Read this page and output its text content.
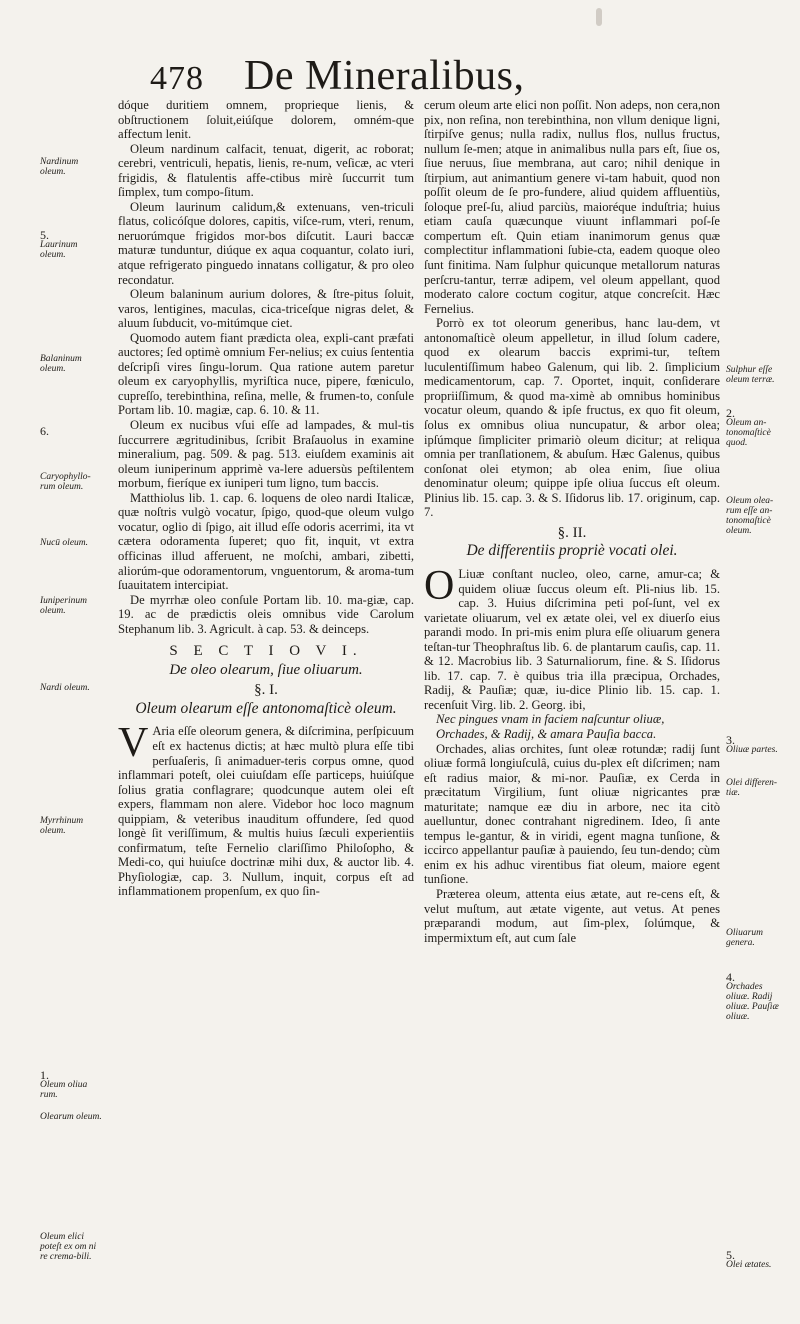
478 De Mineralibus,

dóque duritiem omnem, proprieque lienis, & obſtructionem ſoluit,eiúſque dolorem, omném-que affectum lenit.

Oleum nardinum calfacit, tenuat, digerit, ac roborat; cerebri, ventriculi, hepatis, lienis, re-num, veſicæ, ac vteri frigidis, & flatulentis affe-ctibus mirè ſuccurrit tum ſimplex, tum compo-ſitum.

Oleum laurinum calidum,& extenuans, ven-triculi flatus, colicóſque dolores, capitis, viſce-rum, vteri, renum, neruorúmque frigidos mor-bos diſcutit. Lauri baccæ maturæ tunduntur, diúque ex aqua coquantur, colato iuri, atque refrigerato pinguedo innatans colligatur, & pro oleo recondatur.

Oleum balaninum aurium dolores, & ſtre-pitus ſoluit, varos, lentigines, maculas, cica-triceſque nigras delet, & aluum ſubducit, vo-mitúmque ciet.

Quomodo autem fiant prædicta olea, expli-cant præfati auctores; ſed optimè omnium Fer-nelius; ex cuius ſententia deſcripſi vires ſingu-lorum. Qua ratione autem paretur oleum ex caryophyllis, myriſtica nuce, pipere, fœniculo, cupreſſo, terebinthina, reſina, melle, & frumen-to, conſule Portam lib. 10. magiæ, cap. 6. 10. & 11.

Oleum ex nucibus vſui eſſe ad lampades, & mul-tis ſuccurrere ægritudinibus, ſcribit Braſauolus in examine mineralium, pag. 509. & pag. 513. eiuſdem examinis ait oleum iuniperinum apprimè va-lere aduersùs peſtilentem morbum, fieríque ex iuniperi tum ligno, tum baccis.

Matthiolus lib. 1. cap. 6. loquens de oleo nardi Italicæ, quæ noſtris vulgò vocatur, ſpigo, quod-que oleum vulgo vocatur, oglio di ſpigo, ait illud eſſe odoris acerrimi, ita vt cætera odoramenta ſuperet; quo fit, inquit, vt extra officinas illud afferuent, ne moſchi, ambari, zibetti, aliorúm-que odoramentorum, vnguentorum, & aroma-tum ſuauitatem intercipiat.

De myrrhæ oleo conſule Portam lib. 10. ma-giæ, cap. 19. ac de prædictis oleis omnibus vide Carolum Stephanum lib. 3. Agricult. à cap. 53. & deinceps.

S E C T I O V I.
De oleo olearum, ſiue oliuarum.
§. I.
Oleum olearum eſſe antonomaſticè oleum.

V Aria eſſe oleorum genera, & diſcrimina, perſpicuum eſt ex hactenus dictis; at hæc multò plura eſſe tibi perſuaſeris, ſi animaduer-teris corpus omne, quod inflammari poteſt, olei cuiuſdam eſſe particeps, huiúſque ſolius gratia conflagrare; quodcunque autem olei eſt expers, flammam non alere. Videbor hoc loco magnum quippiam, & veteribus inauditum offundere, ſed quod longè ſit veriſſimum, & multis huius ſæculi experientiis confirmatum, teſte Fernelio clariſſimo Philoſopho, & Medi-co, qui huiuſce doctrinæ mihi dux, & auctor lib. 4. Phyſiologiæ, cap. 3. Nullum, inquit, corpus eſt ad inflammationem propenſum, ex quo ſin-

cerum oleum arte elici non poſſit. Non adeps, non cera,non pix, non reſina, non terebinthina, non vllum denique ligni, ſtirpiſve genus; nulla radix, nullus flos, nullus fructus, nullum ſe-men; atque in animalibus nulla pars eſt, ſiue os, ſiue neruus, ſiue membrana, aut caro; nihil denique in ſtirpium, aut animantium genere vi-tam habuit, quod non poſſit oleum de ſe pro-fundere, aliud quidem affluentiùs, ſoloque preſ-ſu, aliud parciùs, maioréque induſtria; huius etiam cauſa quæcunque viuunt inflammari poſ-ſe compertum eſt. Quin etiam inanimorum genus quæ complectitur inflammationi ſubie-cta, eadem quoque oleo ſunt finitima. Nam ſulphur quicunque metallorum naturas perſcru-tantur, terræ adipem, vel oleum appellant, quod moderato calore coctum cogitur, atque concreſcit. Hæc Fernelius.

Porrò ex tot oleorum generibus, hanc lau-dem, vt antonomaſticè oleum appelletur, in illud ſolum cadere, quod ex olearum baccis exprimi-tur, teſtem luculentiſſimum habeo Galenum, qui lib. 2. ſimplicium medicamentorum, cap. 7. Oportet, inquit, conſiderare propriiſſimum, & quod ma-ximè ab omnibus hominibus vocatur oleum, quando & ipſe fructus, ex quo fit oleum, ſolus ex omnibus oliua nuncupatur, & arbor olea; ipſúmque ſimpliciter primariò oleum dicitur; at reliqua omnia per tranſlationem, & abuſum. Hæc Galenus, quibus conſonat olei etymon; ab olea enim, ſiue oliua denominatur oleum; quippe ipſe oliua ſuccus eſt oleum. Plinius lib. 15. cap. 3. & S. Iſidorus lib. 17. originum, cap. 7.

§. II.
De differentiis propriè vocati olei.

O Liuæ conſtant nucleo, oleo, carne, amur-ca; & quidem oliuæ ſuccus oleum eſt. Pli-nius lib. 15. cap. 3. Huius diſcrimina peti poſ-ſunt, vel ex varietate oliuarum, vel ex ætate olei, vel ex diuerſo eius parandi modo. In pri-mis enim plura eſſe oliuarum genera teſtan-tur Theophraſtus lib. 6. de plantarum cauſis, cap. 11. & 12. Macrobius lib. 3 Saturnaliorum, fine. & S. Iſidorus lib. 17. cap. 7. è quibus tria illa præcipua, Orchades, Radij, & Pauſiæ; quæ, iu-dice Plinio lib. 15. cap. 1. recenſuit Virg. lib. 2. Georg. ibi,

Nec pingues vnam in faciem naſcuntur oliuæ,

Orchades, & Radij, & amara Pauſia bacca.

Orchades, alias orchites, ſunt oleæ rotundæ; radij ſunt oliuæ formâ longiuſculâ, cuius du-plex eſt diſcrimen; nam eſt radius maior, & mi-nor. Pauſiæ, ex Cerda in præcitatum Virgilium, ſunt oliuæ nigricantes præ maturitate; namque eæ diu in arbore, nec ita citò auelluntur, donec contrahant nigredinem. Ideo, ſi ante tempus le-gantur, & in viridi, egent magna tunſione, & iccirco appellantur pauſiæ à pauiendo, ſeu tun-dendo; cùm enim ex his adhuc virentibus fiat oleum, maiore egent tunſione.

Præterea oleum, attenta eius ætate, aut re-cens eſt, & velut muſtum, aut ætate vigente, aut vetus. At penes præparandi modum, aut ſim-plex, ſolúmque, & impermixtum eſt, aut cum ſale

Nardinum oleum.
5.
Laurinum oleum.
Balaninum oleum.
6.
Caryophyllo-rum oleum.
Nucū oleum.
Iuniperinum oleum.
Nardi oleum.
Myrrhinum oleum.
1.
Oleum oliua rum.
Olearum oleum.
Oleum elici poteſt ex om ni re crema-bili.
Sulphur eſſe oleum terræ.
2.
Oleum an-tonomaſticè quod.
Oleum olea-rum eſſe an-tonomaſticè oleum.
3.
Oliuæ partes.
Olei differen-tiæ.
Oliuarum genera.
4.
Orchades oliuæ. Radij oliuæ. Pauſiæ oliuæ.
5.
Olei ætates.
